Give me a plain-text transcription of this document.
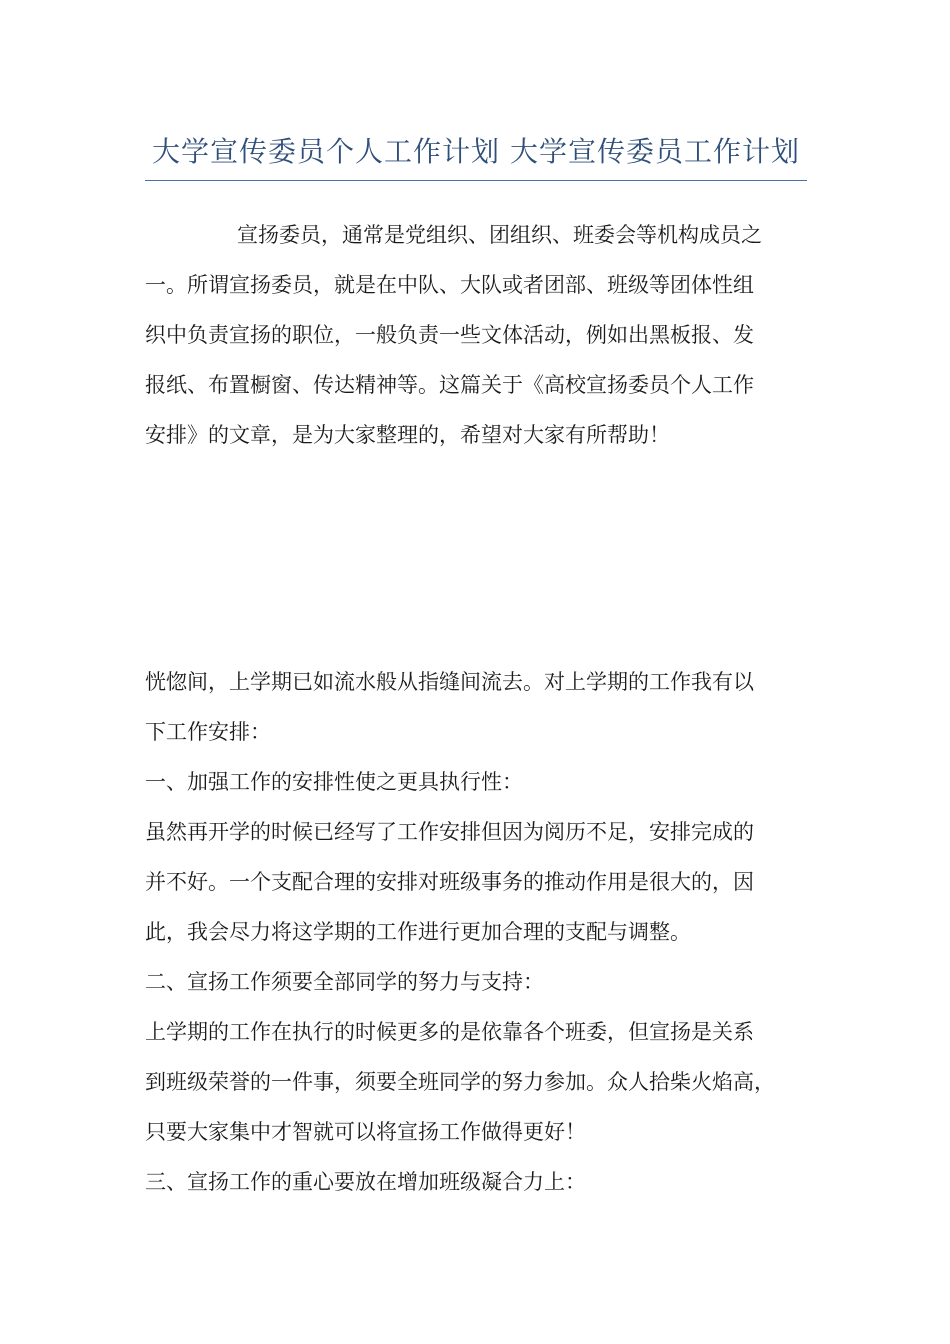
大学宣传委员个人工作计划 大学宣传委员工作计划
宣扬委员，通常是党组织、团组织、班委会等机构成员之
一。所谓宣扬委员，就是在中队、大队或者团部、班级等团体性组
织中负责宣扬的职位，一般负责一些文体活动，例如出黑板报、发
报纸、布置橱窗、传达精神等。这篇关于《高校宣扬委员个人工作
安排》的文章，是为大家整理的，希望对大家有所帮助！
恍惚间，上学期已如流水般从指缝间流去。对上学期的工作我有以
下工作安排：
一、加强工作的安排性使之更具执行性：
虽然再开学的时候已经写了工作安排但因为阅历不足，安排完成的
并不好。一个支配合理的安排对班级事务的推动作用是很大的，因
此，我会尽力将这学期的工作进行更加合理的支配与调整。
二、宣扬工作须要全部同学的努力与支持：
上学期的工作在执行的时候更多的是依靠各个班委，但宣扬是关系
到班级荣誉的一件事，须要全班同学的努力参加。众人拾柴火焰高，
只要大家集中才智就可以将宣扬工作做得更好！
三、宣扬工作的重心要放在增加班级凝合力上：
